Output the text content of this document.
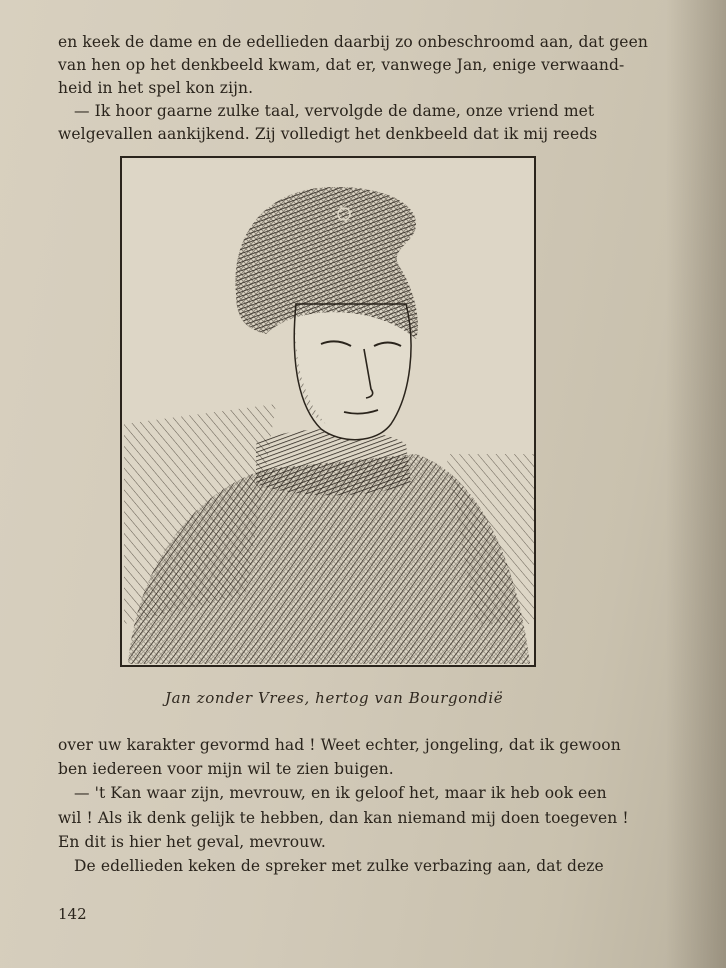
en keek de dame en de edellieden daarbij zo onbeschroomd aan, dat geen
van hen op het denkbeeld kwam, dat er, vanwege Jan, enige verwaand-
heid in het spel kon zijn.
— Ik hoor gaarne zulke taal, vervolgde de dame, onze vriend met
welgevallen aankijkend. Zij volledigt het denkbeeld dat ik mij reeds
Jan zonder Vrees, hertog van Bourgondië
over uw karakter gevormd had ! Weet echter, jongeling, dat ik gewoon
ben iedereen voor mijn wil te zien buigen.
— 't Kan waar zijn, mevrouw, en ik geloof het, maar ik heb ook een
wil ! Als ik denk gelijk te hebben, dan kan niemand mij doen toegeven !
En dit is hier het geval, mevrouw.
De edellieden keken de spreker met zulke verbazing aan, dat deze
142
